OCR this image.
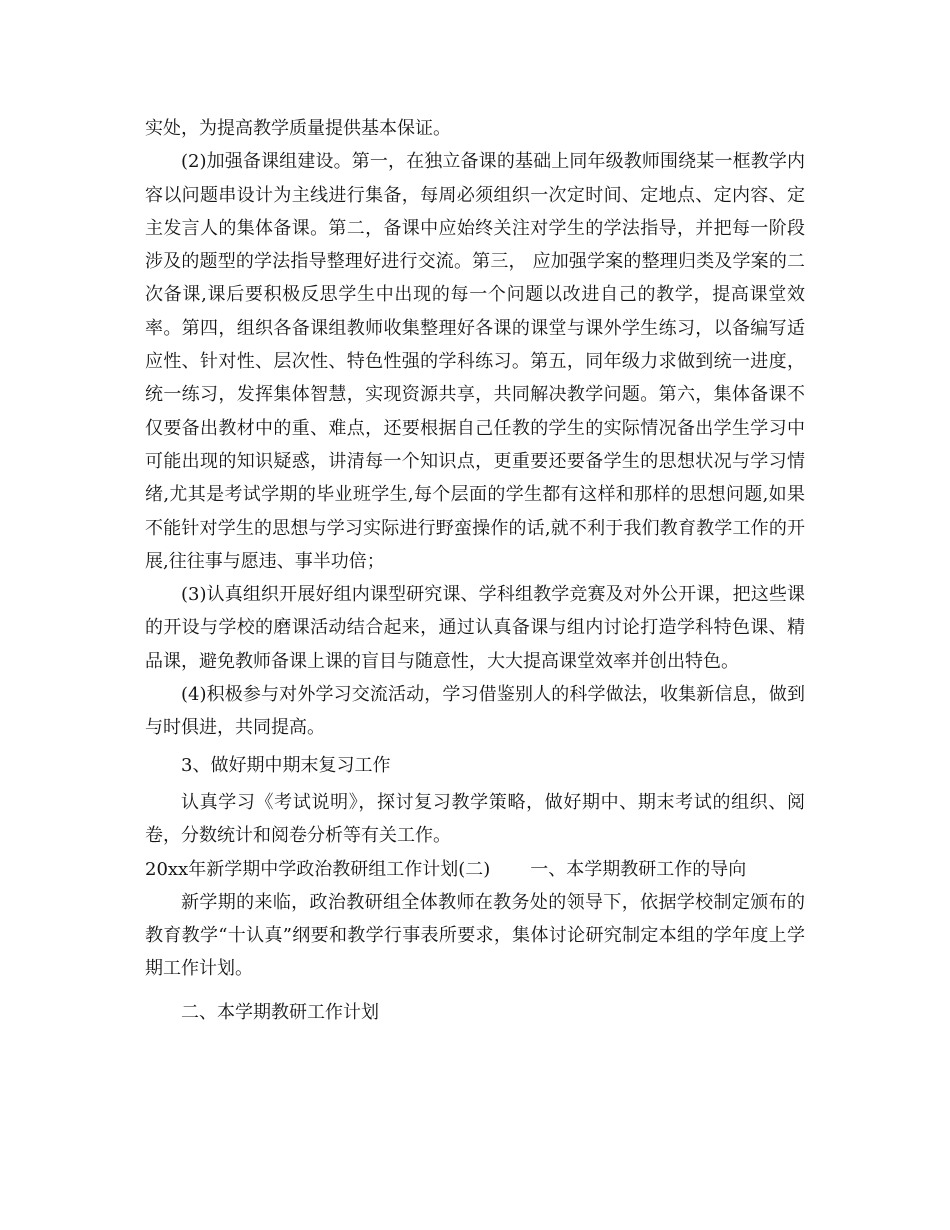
实处，为提高教学质量提供基本保证。

(2)加强备课组建设。第一，在独立备课的基础上同年级教师围绕某一框教学内容以问题串设计为主线进行集备，每周必须组织一次定时间、定地点、定内容、定主发言人的集体备课。第二，备课中应始终关注对学生的学法指导，并把每一阶段涉及的题型的学法指导整理好进行交流。第三， 应加强学案的整理归类及学案的二次备课,课后要积极反思学生中出现的每一个问题以改进自己的教学，提高课堂效率。第四，组织各备课组教师收集整理好各课的课堂与课外学生练习，以备编写适应性、针对性、层次性、特色性强的学科练习。第五，同年级力求做到统一进度，统一练习，发挥集体智慧，实现资源共享，共同解决教学问题。第六，集体备课不仅要备出教材中的重、难点，还要根据自己任教的学生的实际情况备出学生学习中可能出现的知识疑惑，讲清每一个知识点，更重要还要备学生的思想状况与学习情绪,尤其是考试学期的毕业班学生,每个层面的学生都有这样和那样的思想问题,如果不能针对学生的思想与学习实际进行野蛮操作的话,就不利于我们教育教学工作的开展,往往事与愿违、事半功倍；

(3)认真组织开展好组内课型研究课、学科组教学竞赛及对外公开课，把这些课的开设与学校的磨课活动结合起来，通过认真备课与组内讨论打造学科特色课、精品课，避免教师备课上课的盲目与随意性，大大提高课堂效率并创出特色。

(4)积极参与对外学习交流活动，学习借鉴别人的科学做法，收集新信息，做到与时俱进，共同提高。

3、做好期中期末复习工作

认真学习《考试说明》，探讨复习教学策略，做好期中、期末考试的组织、阅卷，分数统计和阅卷分析等有关工作。

20xx年新学期中学政治教研组工作计划(二)       一、本学期教研工作的导向

新学期的来临，政治教研组全体教师在教务处的领导下，依据学校制定颁布的教育教学“十认真”纲要和教学行事表所要求，集体讨论研究制定本组的学年度上学期工作计划。

二、本学期教研工作计划
